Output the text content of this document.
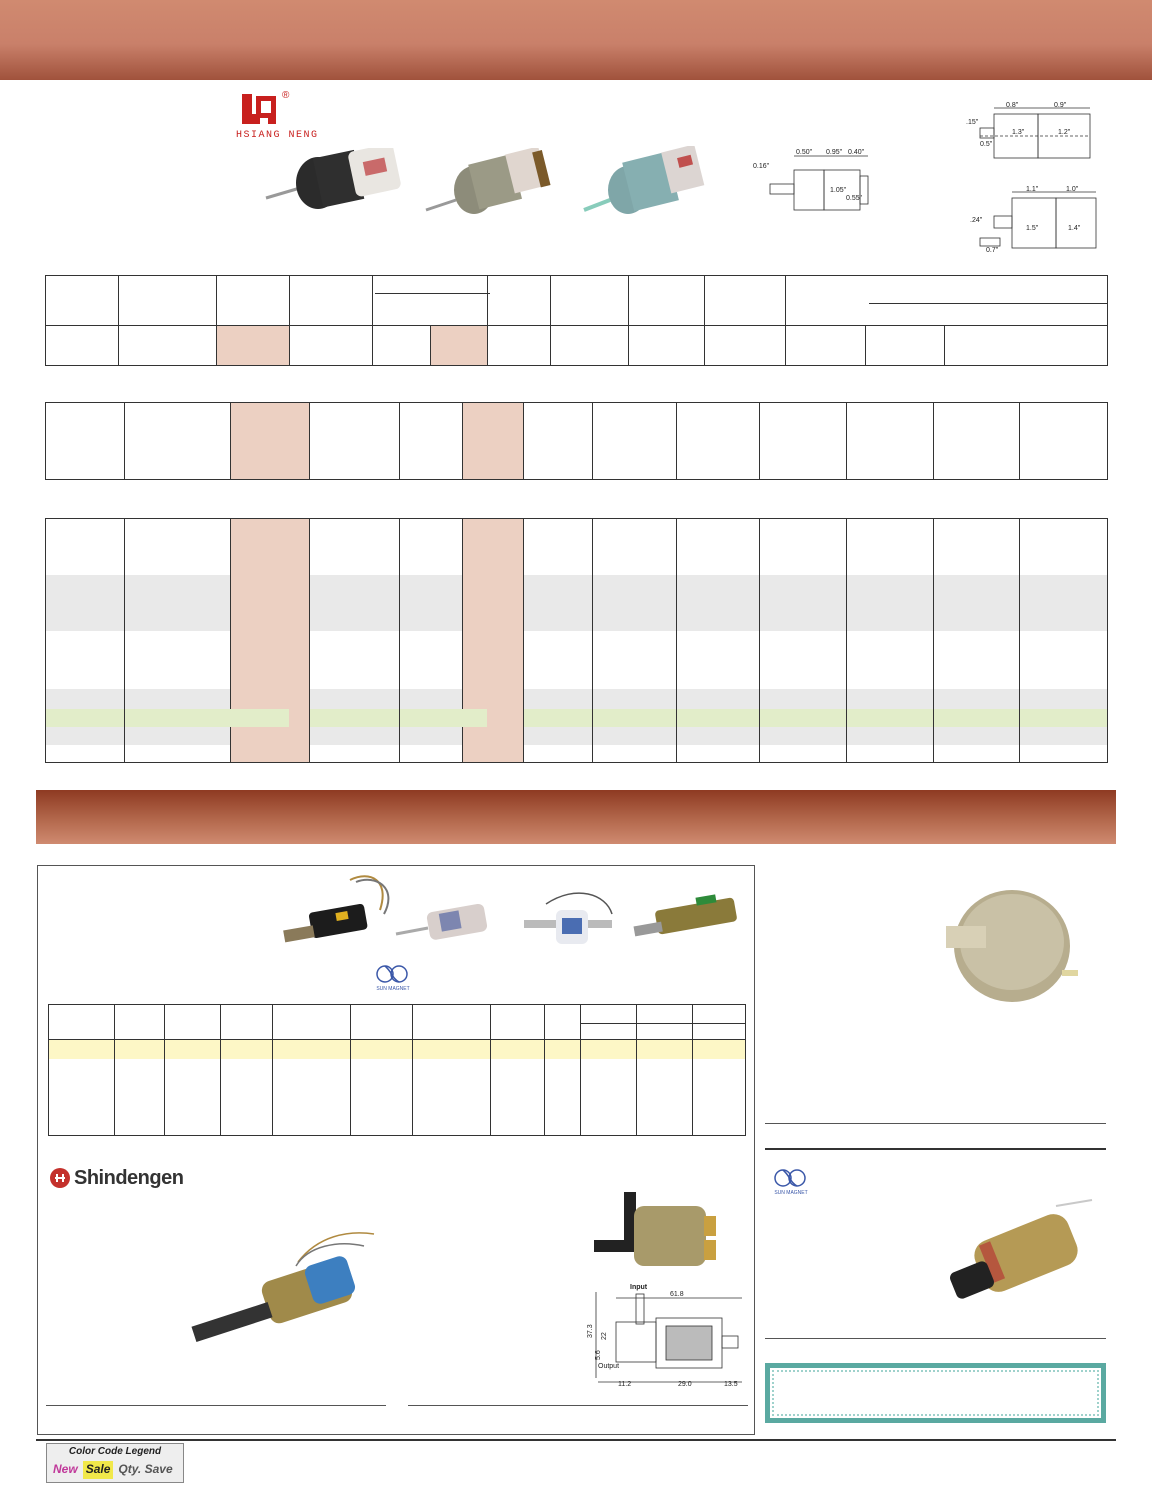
®
HSIANG NENG
0.50" 0.95" 0.40"
0.16"
1.05"
0.55"
0.8"	0.9"
.15"
0.5"
1.3"	1.2"
1.1"	1.0"
.24"
0.7"
1.5"	1.4"

SUN MAGNET

Shindengen
Input
61.8
37.3 22
5.6
Output
11.2	29.0	13.5
SUN MAGNET
Color Code Legend
New Sale Qty. Save
